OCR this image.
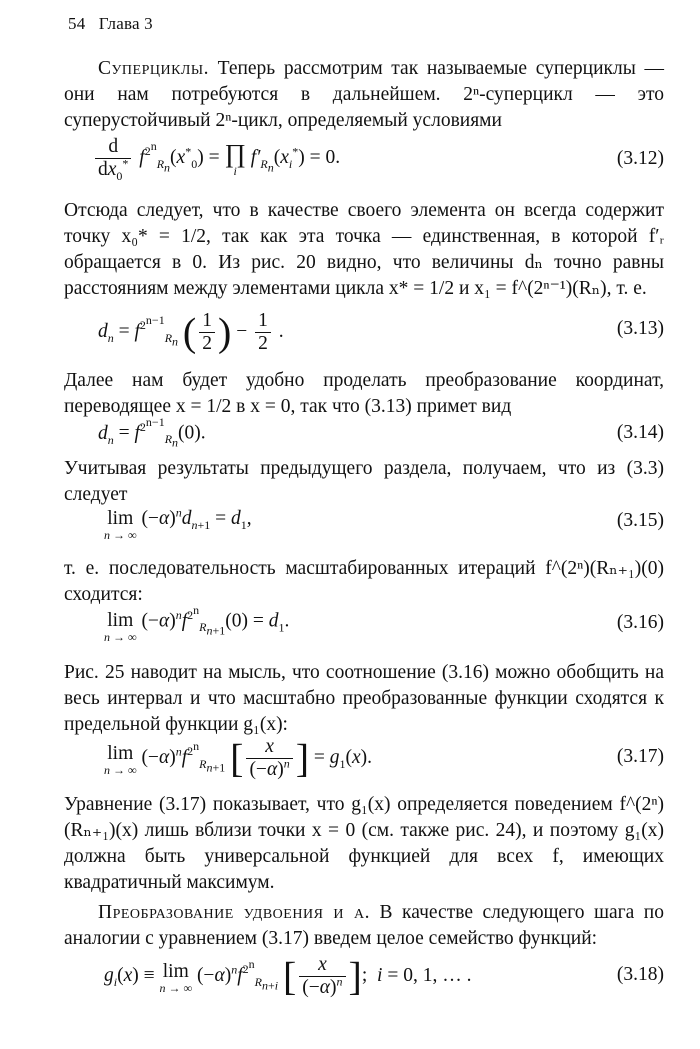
54 Глава 3
Суперциклы. Теперь рассмотрим так называемые суперциклы — они нам потребуются в дальнейшем. 2ⁿ-суперцикл — это суперустойчивый 2ⁿ-цикл, определяемый условиями
$\frac{d}{dx_0^*} f^{2^n}_{R_n}(x^*_0)$ = ∏
i
$f'_{R_n}(x_i^*) = 0$.	(3.12)
Отсюда следует, что в качестве своего элемента он всегда содержит точку x₀* = 1/2, так как эта точка — единственная, в которой f′ᵣ обращается в 0. Из рис. 20 видно, что величины dₙ точно равны расстояниям между элементами цикла x* = 1/2 и x₁ = f^(2ⁿ⁻¹)(Rₙ), т. е.
$d_n = f^{2^{n-1}}_{R_n}$ ( $\frac{1}{2}$ ) − $\frac{1}{2}$ .	(3.13)
Далее нам будет удобно проделать преобразование координат, переводящее x = 1/2 в x = 0, так что (3.13) примет вид
$d_n = f^{2^{n-1}}_{R_n}(0)$.	(3.14)
Учитывая результаты предыдущего раздела, получаем, что из (3.3) следует
lim
n → ∞
$(-\alpha)^nd_{n+1} = d_1$,	(3.15)
т. е. последовательность масштабированных итераций f^(2ⁿ)(Rₙ₊₁)(0) сходится:
lim
n → ∞
$(-\alpha)^nf^{2^n}_{R_{n+1}}(0) = d_1$.	(3.16)
Рис. 25 наводит на мысль, что соотношение (3.16) можно обобщить на весь интервал и что масштабно преобразованные функции сходятся к предельной функции g₁(x):
lim
n → ∞
$(-\alpha)^nf^{2^n}_{R_{n+1}}$ [ $\frac{x}{(-\alpha)^n}$ ] = $g_1(x)$.	(3.17)
Уравнение (3.17) показывает, что g₁(x) определяется поведением f^(2ⁿ)(Rₙ₊₁)(x) лишь вблизи точки x = 0 (см. также рис. 24), и поэтому g₁(x) должна быть универсальной функцией для всех f, имеющих квадратичный максимум.
Преобразование удвоения и α. В качестве следующего шага по аналогии с уравнением (3.17) введем целое семейство функций:
$g_i(x) \equiv \lim$
n → ∞
$(-\alpha)^nf^{2^n}_{R_{n+i}}$ [ $\frac{x}{(-\alpha)^n}$ ];  i = 0, 1, … .	(3.18)
